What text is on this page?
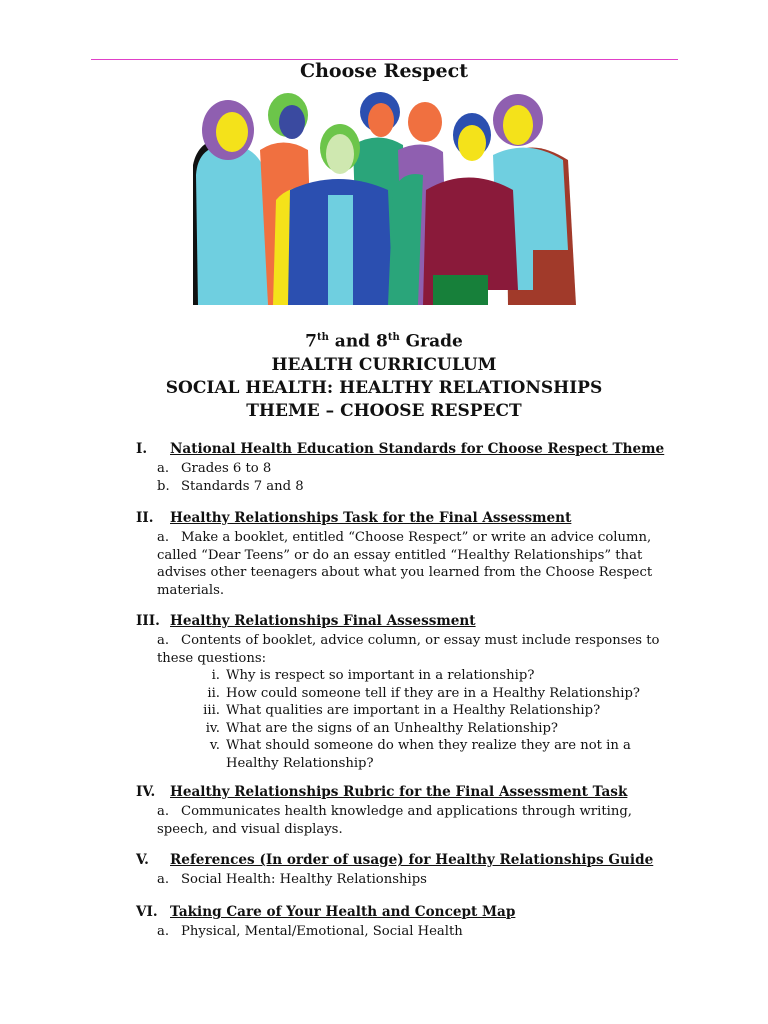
Choose Respect
7th and 8th Grade
HEALTH CURRICULUM
SOCIAL HEALTH: HEALTHY RELATIONSHIPS
THEME – CHOOSE RESPECT
I. National Health Education Standards for Choose Respect Theme
a. Grades 6 to 8
b. Standards 7 and 8
II. Healthy Relationships Task for the Final Assessment
a. Make a booklet, entitled “Choose Respect” or write an advice column,
called “Dear Teens” or do an essay entitled “Healthy Relationships” that
advises other teenagers about what you learned from the Choose Respect
materials.
III. Healthy Relationships Final Assessment
a. Contents of booklet, advice column, or essay must include responses to
these questions:
i. Why is respect so important in a relationship?
ii. How could someone tell if they are in a Healthy Relationship?
iii. What qualities are important in a Healthy Relationship?
iv. What are the signs of an Unhealthy Relationship?
v. What should someone do when they realize they are not in a
Healthy Relationship?
IV. Healthy Relationships Rubric for the Final Assessment Task
a. Communicates health knowledge and applications through writing,
speech, and visual displays.
V. References (In order of usage) for Healthy Relationships Guide
a. Social Health: Healthy Relationships
VI. Taking Care of Your Health and Concept Map
a. Physical, Mental/Emotional, Social Health
